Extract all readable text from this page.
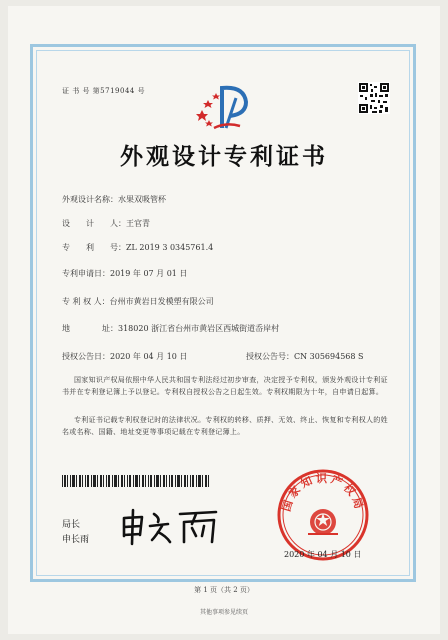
证 书 号 第5719044 号
外观设计专利证书
外观设计名称：水果双吸管杯
设　　计　　人：王官青
专　　利　　号：ZL 2019 3 0345761.4
专利申请日：2019 年 07 月 01 日
专 利 权 人：台州市黄岩日发模塑有限公司
地　　　　址：318020 浙江省台州市黄岩区西城街道岙岸村
授权公告日：2020 年 04 月 10 日	授权公告号：CN 305694568 S
国家知识产权局依照中华人民共和国专利法经过初步审查，决定授予专利权，颁发外观设计专利证书并在专利登记簿上予以登记。专利权自授权公告之日起生效。专利权期限为十年，自申请日起算。
专利证书记载专利权登记时的法律状况。专利权的转移、质押、无效、终止、恢复和专利权人的姓名或名称、国籍、地址变更等事项记载在专利登记簿上。
局长
申长雨
国家知识产权局
2020 年 04 月 10 日
第 1 页（共 2 页）
其他事项参见续页
